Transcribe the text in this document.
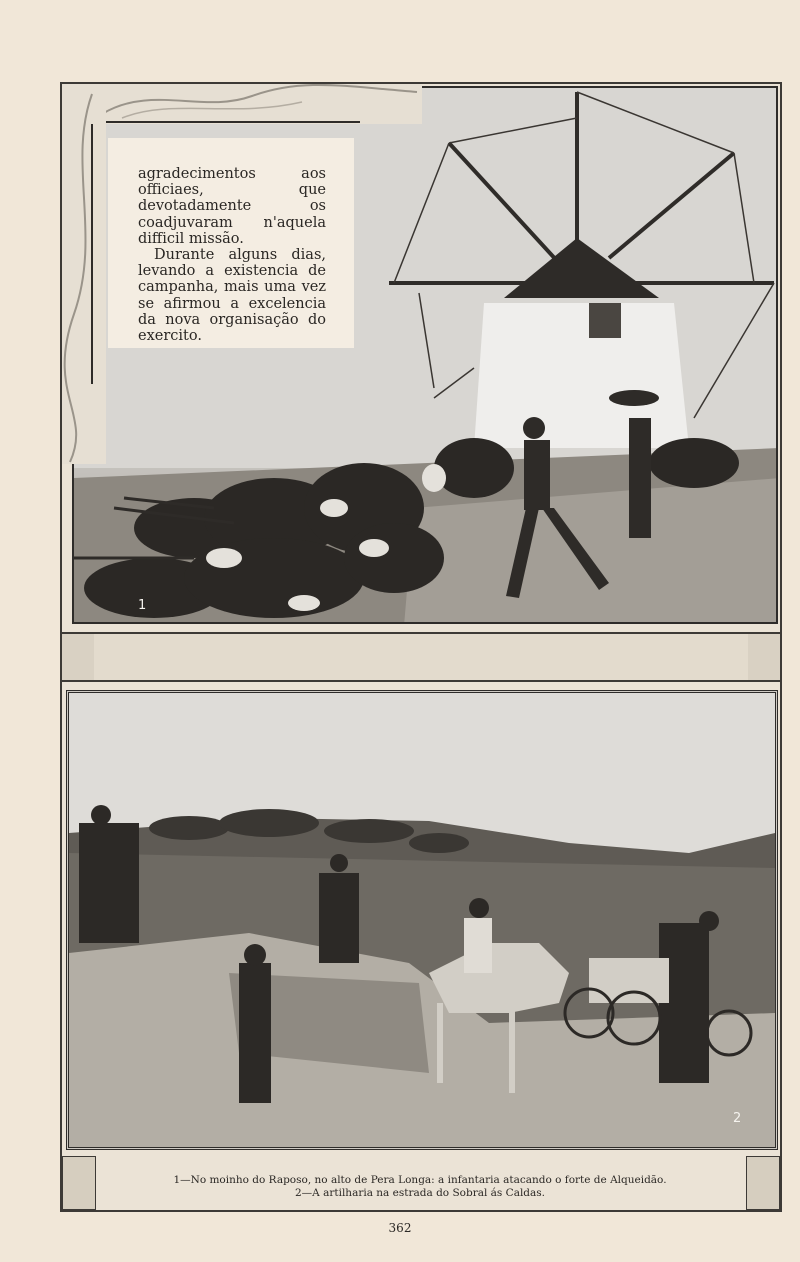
1

agradecimentos aos officiaes, que devotadamente os coadjuvaram n'aquela difficil missão.

Durante alguns dias, levando a existencia de campanha, mais uma vez se afirmou a excelencia da nova organisação do exercito.

2
1—No moinho do Raposo, no alto de Pera Longa: a infantaria atacando o forte de Alqueidão.
2—A artilharia na estrada do Sobral ás Caldas.
362
